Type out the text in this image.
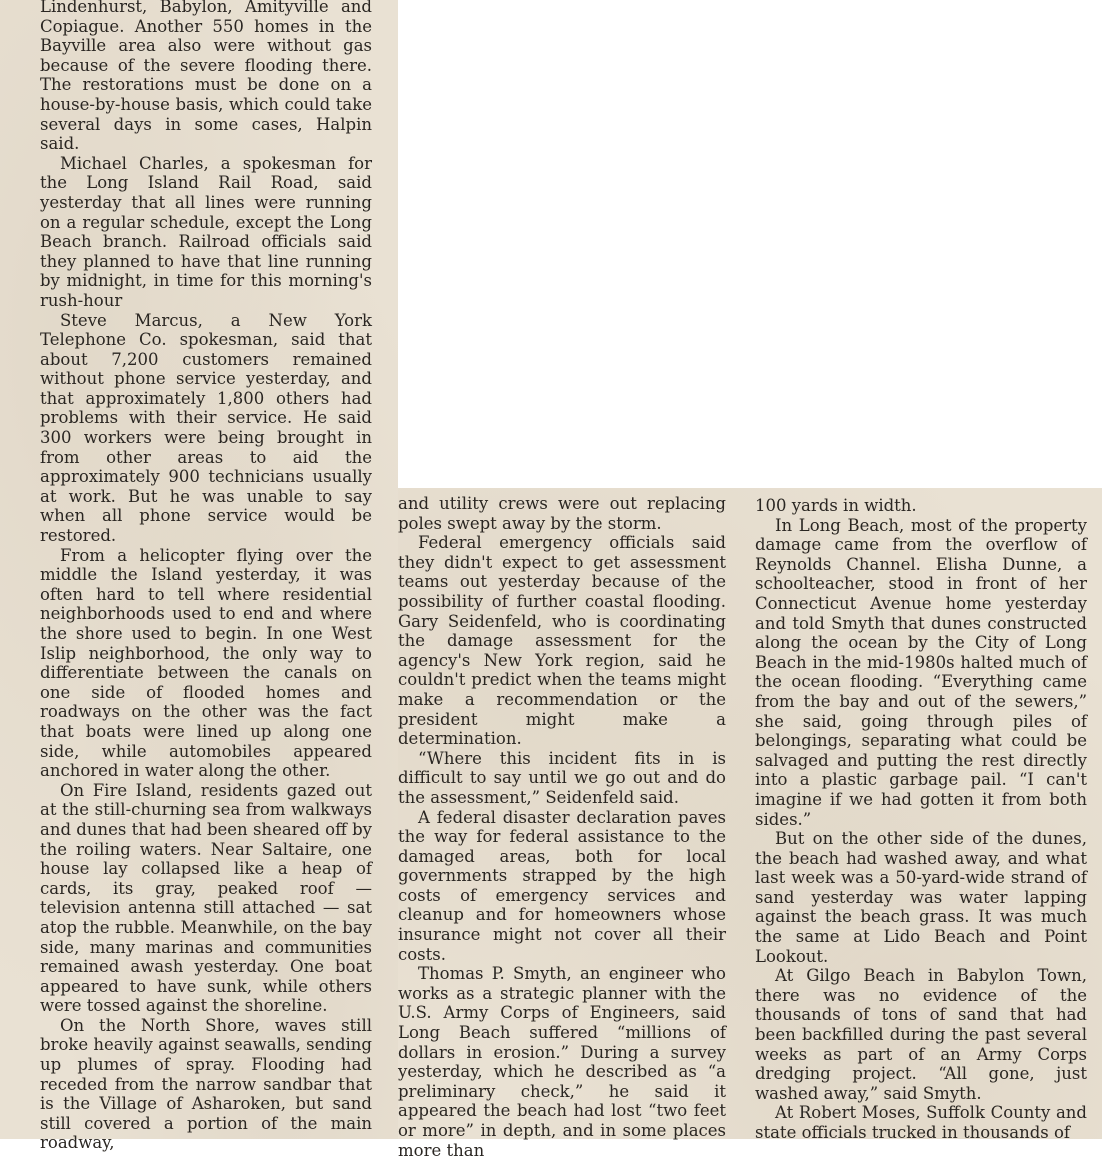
Lindenhurst, Babylon, Amityville and Copiague. Another 550 homes in the Bayville area also were without gas because of the severe flooding there. The restorations must be done on a house-by-house basis, which could take several days in some cases, Halpin said.

Michael Charles, a spokesman for the Long Island Rail Road, said yesterday that all lines were running on a regular schedule, except the Long Beach branch. Railroad officials said they planned to have that line running by midnight, in time for this morning's rush-hour

Steve Marcus, a New York Telephone Co. spokesman, said that about 7,200 customers remained without phone service yesterday, and that approximately 1,800 others had problems with their service. He said 300 workers were being brought in from other areas to aid the approximately 900 technicians usually at work. But he was unable to say when all phone service would be restored.

From a helicopter flying over the middle the Island yesterday, it was often hard to tell where residential neighborhoods used to end and where the shore used to begin. In one West Islip neighborhood, the only way to differentiate between the canals on one side of flooded homes and roadways on the other was the fact that boats were lined up along one side, while automobiles appeared anchored in water along the other.

On Fire Island, residents gazed out at the still-churning sea from walkways and dunes that had been sheared off by the roiling waters. Near Saltaire, one house lay collapsed like a heap of cards, its gray, peaked roof — television antenna still attached — sat atop the rubble. Meanwhile, on the bay side, many marinas and communities remained awash yesterday. One boat appeared to have sunk, while others were tossed against the shoreline.

On the North Shore, waves still broke heavily against seawalls, sending up plumes of spray. Flooding had receded from the narrow sandbar that is the Village of Asharoken, but sand still covered a portion of the main roadway,

and utility crews were out replacing poles swept away by the storm.

Federal emergency officials said they didn't expect to get assessment teams out yesterday because of the possibility of further coastal flooding. Gary Seidenfeld, who is coordinating the damage assessment for the agency's New York region, said he couldn't predict when the teams might make a recommendation or the president might make a determination.

“Where this incident fits in is difficult to say until we go out and do the assessment,” Seidenfeld said.

A federal disaster declaration paves the way for federal assistance to the damaged areas, both for local governments strapped by the high costs of emergency services and cleanup and for homeowners whose insurance might not cover all their costs.

Thomas P. Smyth, an engineer who works as a strategic planner with the U.S. Army Corps of Engineers, said Long Beach suffered “millions of dollars in erosion.” During a survey yesterday, which he described as “a preliminary check,” he said it appeared the beach had lost “two feet or more” in depth, and in some places more than

100 yards in width.

In Long Beach, most of the property damage came from the overflow of Reynolds Channel. Elisha Dunne, a schoolteacher, stood in front of her Connecticut Avenue home yesterday and told Smyth that dunes constructed along the ocean by the City of Long Beach in the mid-1980s halted much of the ocean flooding. “Everything came from the bay and out of the sewers,” she said, going through piles of belongings, separating what could be salvaged and putting the rest directly into a plastic garbage pail. “I can't imagine if we had gotten it from both sides.”

But on the other side of the dunes, the beach had washed away, and what last week was a 50-yard-wide strand of sand yesterday was water lapping against the beach grass. It was much the same at Lido Beach and Point Lookout.

At Gilgo Beach in Babylon Town, there was no evidence of the thousands of tons of sand that had been backfilled during the past several weeks as part of an Army Corps dredging project. “All gone, just washed away,” said Smyth.

At Robert Moses, Suffolk County and state officials trucked in thousands of
